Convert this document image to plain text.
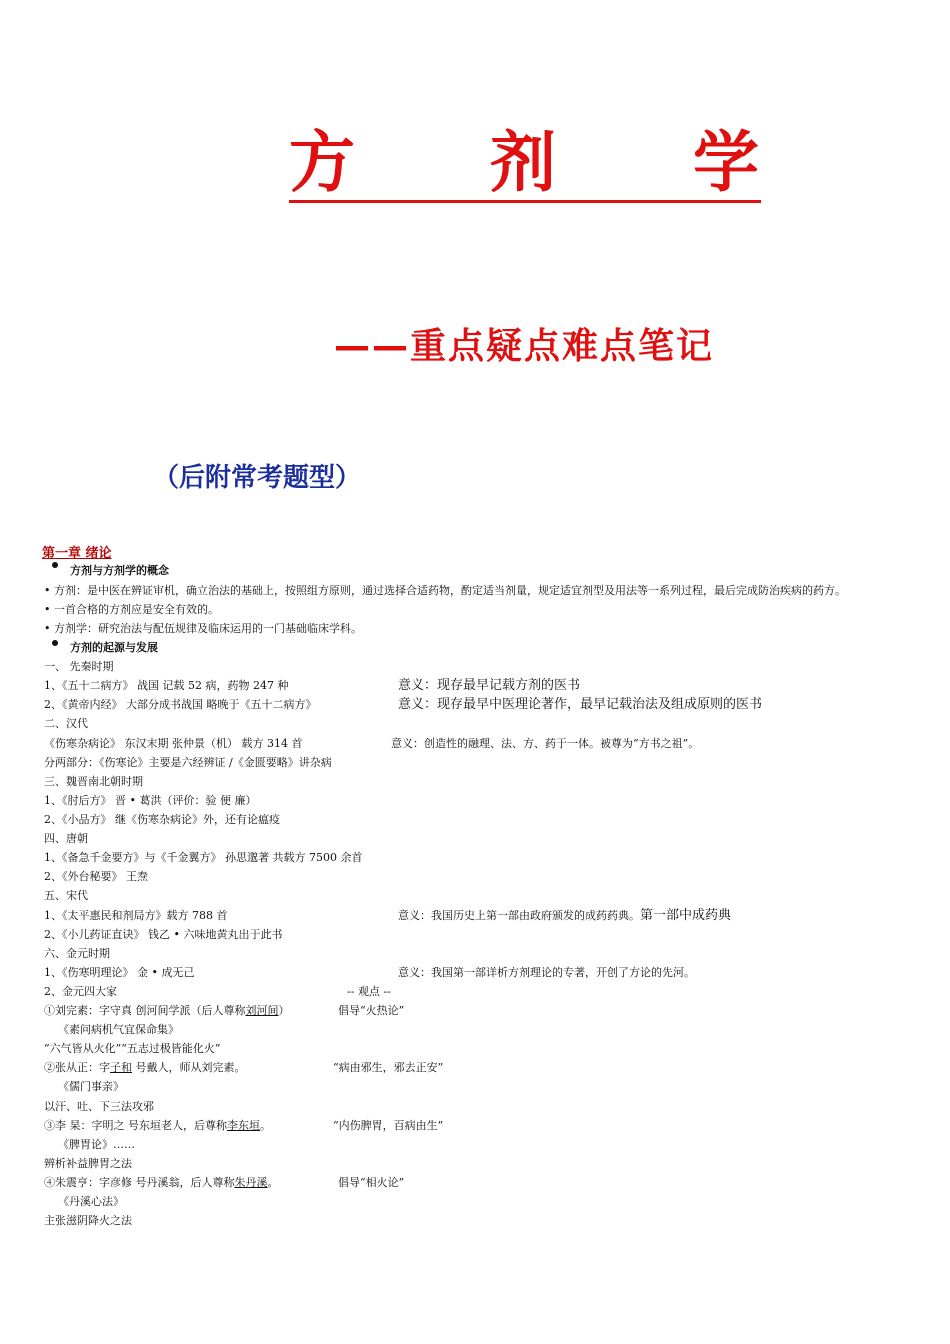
方 剂 学
——重点疑点难点笔记
（后附常考题型）
第一章 绪论
方剂与方剂学的概念
• 方剂：是中医在辨证审机，确立治法的基础上，按照组方原则，通过选择合适药物，酌定适当剂量，规定适宜剂型及用法等一系列过程，最后完成防治疾病的药方。
• 一首合格的方剂应是安全有效的。
• 方剂学：研究治法与配伍规律及临床运用的一门基础临床学科。
方剂的起源与发展
一、 先秦时期
1、《五十二病方》 战国 记载 52 病，药物 247 种	意义：现存最早记载方剂的医书
2、《黄帝内经》 大部分成书战国 略晚于《五十二病方》	意义：现存最早中医理论著作，最早记载治法及组成原则的医书
二、汉代
《伤寒杂病论》 东汉末期 张仲景（机） 载方 314 首	意义：创造性的融理、法、方、药于一体。被尊为“方书之祖”。
分两部分：《伤寒论》主要是六经辨证 /《金匮要略》讲杂病
三、魏晋南北朝时期
1、《肘后方》 晋 • 葛洪（评价：验 便 廉）
2、《小品方》 继《伤寒杂病论》外，还有论瘟疫
四、唐朝
1、《备急千金要方》与《千金翼方》 孙思邈著 共载方 7500 余首
2、《外台秘要》 王焘
五、宋代
1、《太平惠民和剂局方》载方 788 首	意义：我国历史上第一部由政府颁发的成药药典。第一部中成药典
2、《小儿药证直诀》 钱乙 • 六味地黄丸出于此书
六、金元时期
1、《伤寒明理论》 金 • 成无己	意义：我国第一部详析方剂理论的专著，开创了方论的先河。
2、金元四大家	-- 观点 --
①刘完素：字守真 创河间学派（后人尊称刘河间）	倡导“火热论”
《素问病机气宜保命集》
“六气皆从火化”“五志过极皆能化火”
②张从正：字子和 号戴人，师从刘完素。	“病由邪生，邪去正安”
《儒门事亲》
以汗、吐、下三法攻邪
③李 杲：字明之 号东垣老人，后尊称李东垣。	“内伤脾胃，百病由生”
《脾胃论》……
辨析补益脾胃之法
④朱震亨：字彦修 号丹溪翁，后人尊称朱丹溪。	倡导“相火论”
《丹溪心法》
主张滋阴降火之法
